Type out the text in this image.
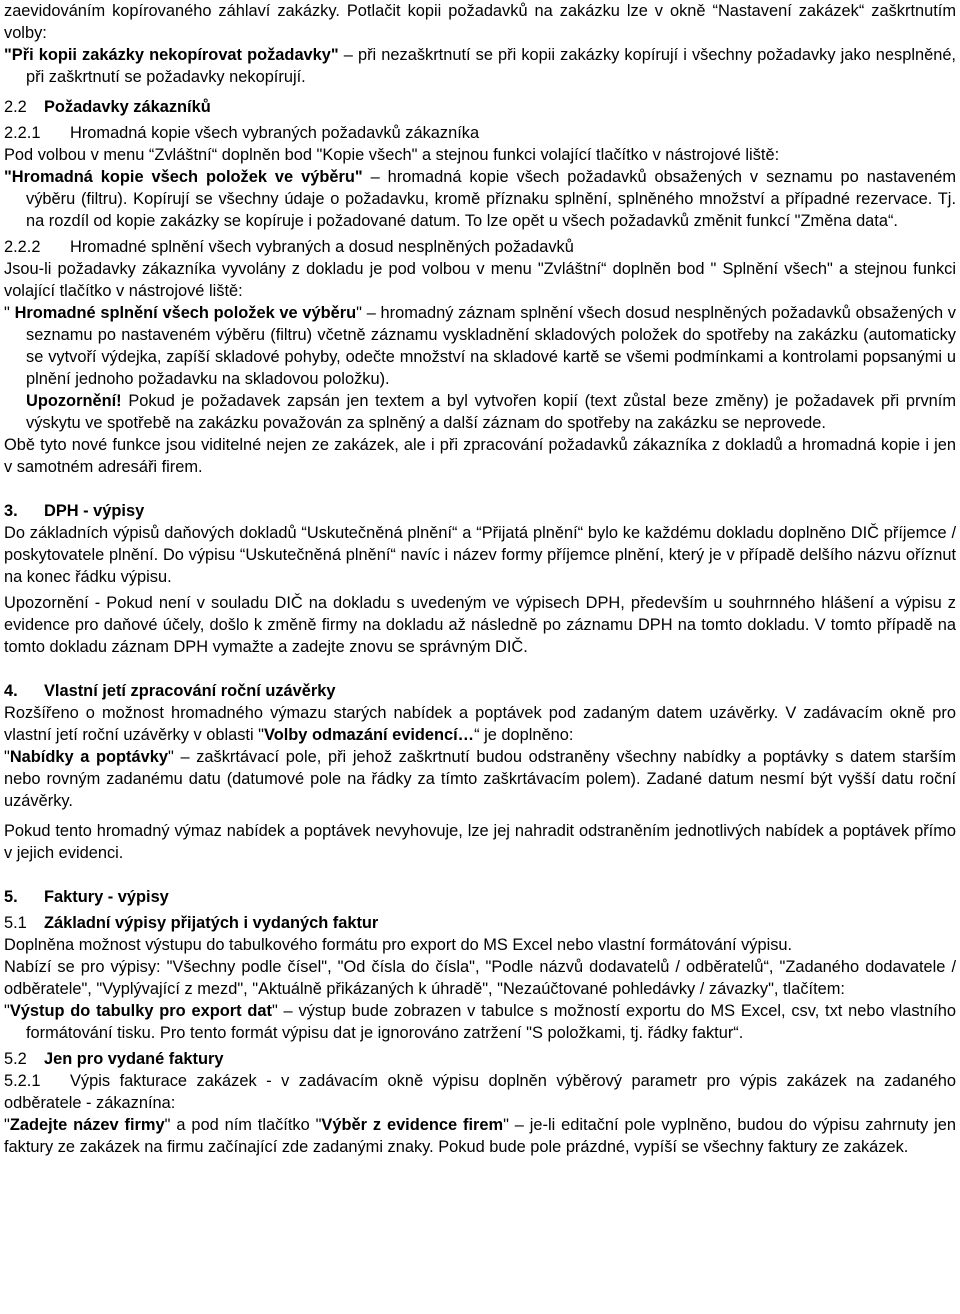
zaevidováním kopírovaného záhlaví zakázky. Potlačit kopii požadavků na zakázku lze v okně “Nastavení zakázek“ zaškrtnutím volby:

"Při kopii zakázky nekopírovat požadavky" – při nezaškrtnutí se při kopii zakázky kopírují i všechny požadavky jako nesplněné, při zaškrtnutí se požadavky nekopírují.

2.2 Požadavky zákazníků

2.2.1 Hromadná kopie všech vybraných požadavků zákazníka

Pod volbou v menu “Zvláštní“ doplněn bod "Kopie všech" a stejnou funkci volající tlačítko v nástrojové liště:

"Hromadná kopie všech položek ve výběru" – hromadná kopie všech požadavků obsažených v seznamu po nastaveném výběru (filtru). Kopírují se všechny údaje o požadavku, kromě příznaku splnění, splněného množství a případné rezervace. Tj. na rozdíl od kopie zakázky se kopíruje i požadované datum. To lze opět u všech požadavků změnit funkcí "Změna data“.

2.2.2 Hromadné splnění všech vybraných a dosud nesplněných požadavků

Jsou-li požadavky zákazníka vyvolány z dokladu je pod volbou v menu "Zvláštní“ doplněn bod " Splnění všech" a stejnou funkci volající tlačítko v nástrojové liště:

" Hromadné splnění všech položek ve výběru" – hromadný záznam splnění všech dosud nesplněných požadavků obsažených v seznamu po nastaveném výběru (filtru) včetně záznamu vyskladnění skladových položek do spotřeby na zakázku (automaticky se vytvoří výdejka, zapíší skladové pohyby, odečte množství na skladové kartě se všemi podmínkami a kontrolami popsanými u plnění jednoho požadavku na skladovou položku).

Upozornění! Pokud je požadavek zapsán jen textem a byl vytvořen kopií (text zůstal beze změny) je požadavek při prvním výskytu ve spotřebě na zakázku považován za splněný a další záznam do spotřeby na zakázku se neprovede.

Obě tyto nové funkce jsou viditelné nejen ze zakázek, ale i při zpracování požadavků zákazníka z dokladů a hromadná kopie i jen v samotném adresáři firem.

3. DPH - výpisy

Do základních výpisů daňových dokladů “Uskutečněná plnění“ a “Přijatá plnění“ bylo ke každému dokladu doplněno DIČ příjemce / poskytovatele plnění. Do výpisu “Uskutečněná plnění“ navíc i název formy příjemce plnění, který je v případě delšího názvu oříznut na konec řádku výpisu.

Upozornění - Pokud není v souladu DIČ na dokladu s uvedeným ve výpisech DPH, především u souhrnného hlášení a výpisu z evidence pro daňové účely, došlo k změně firmy na dokladu až následně po záznamu DPH na tomto dokladu. V tomto případě na tomto dokladu záznam DPH vymažte a zadejte znovu se správným DIČ.

4. Vlastní jetí zpracování roční uzávěrky

Rozšířeno o možnost hromadného výmazu starých nabídek a poptávek pod zadaným datem uzávěrky. V zadávacím okně pro vlastní jetí roční uzávěrky v oblasti "Volby odmazání evidencí…“ je doplněno:

"Nabídky a poptávky" – zaškrtávací pole, při jehož zaškrtnutí budou odstraněny všechny nabídky a poptávky s datem starším nebo rovným zadanému datu (datumové pole na řádky za tímto zaškrtávacím polem). Zadané datum nesmí být vyšší datu roční uzávěrky.

Pokud tento hromadný výmaz nabídek a poptávek nevyhovuje, lze jej nahradit odstraněním jednotlivých nabídek a poptávek přímo v jejich evidenci.

5. Faktury - výpisy

5.1 Základní výpisy přijatých i vydaných faktur

Doplněna možnost výstupu do tabulkového formátu pro export do MS Excel nebo vlastní formátování výpisu.

Nabízí se pro výpisy: "Všechny podle čísel", "Od čísla do čísla", "Podle názvů dodavatelů / odběratelů“, "Zadaného dodavatele / odběratele", "Vyplývající z mezd", "Aktuálně přikázaných k úhradě", "Nezaúčtované pohledávky / závazky", tlačítem:

"Výstup do tabulky pro export dat" – výstup bude zobrazen v tabulce s možností exportu do MS Excel, csv, txt nebo vlastního formátování tisku. Pro tento formát výpisu dat je ignorováno zatržení "S položkami, tj. řádky faktur“.

5.2 Jen pro vydané faktury

5.2.1 Výpis fakturace zakázek - v zadávacím okně výpisu doplněn výběrový parametr pro výpis zakázek na zadaného odběratele - zákaznína:

"Zadejte název firmy" a pod ním tlačítko "Výběr z evidence firem" – je-li editační pole vyplněno, budou do výpisu zahrnuty jen faktury ze zakázek na firmu začínající zde zadanými znaky. Pokud bude pole prázdné, vypíší se všechny faktury ze zakázek.
